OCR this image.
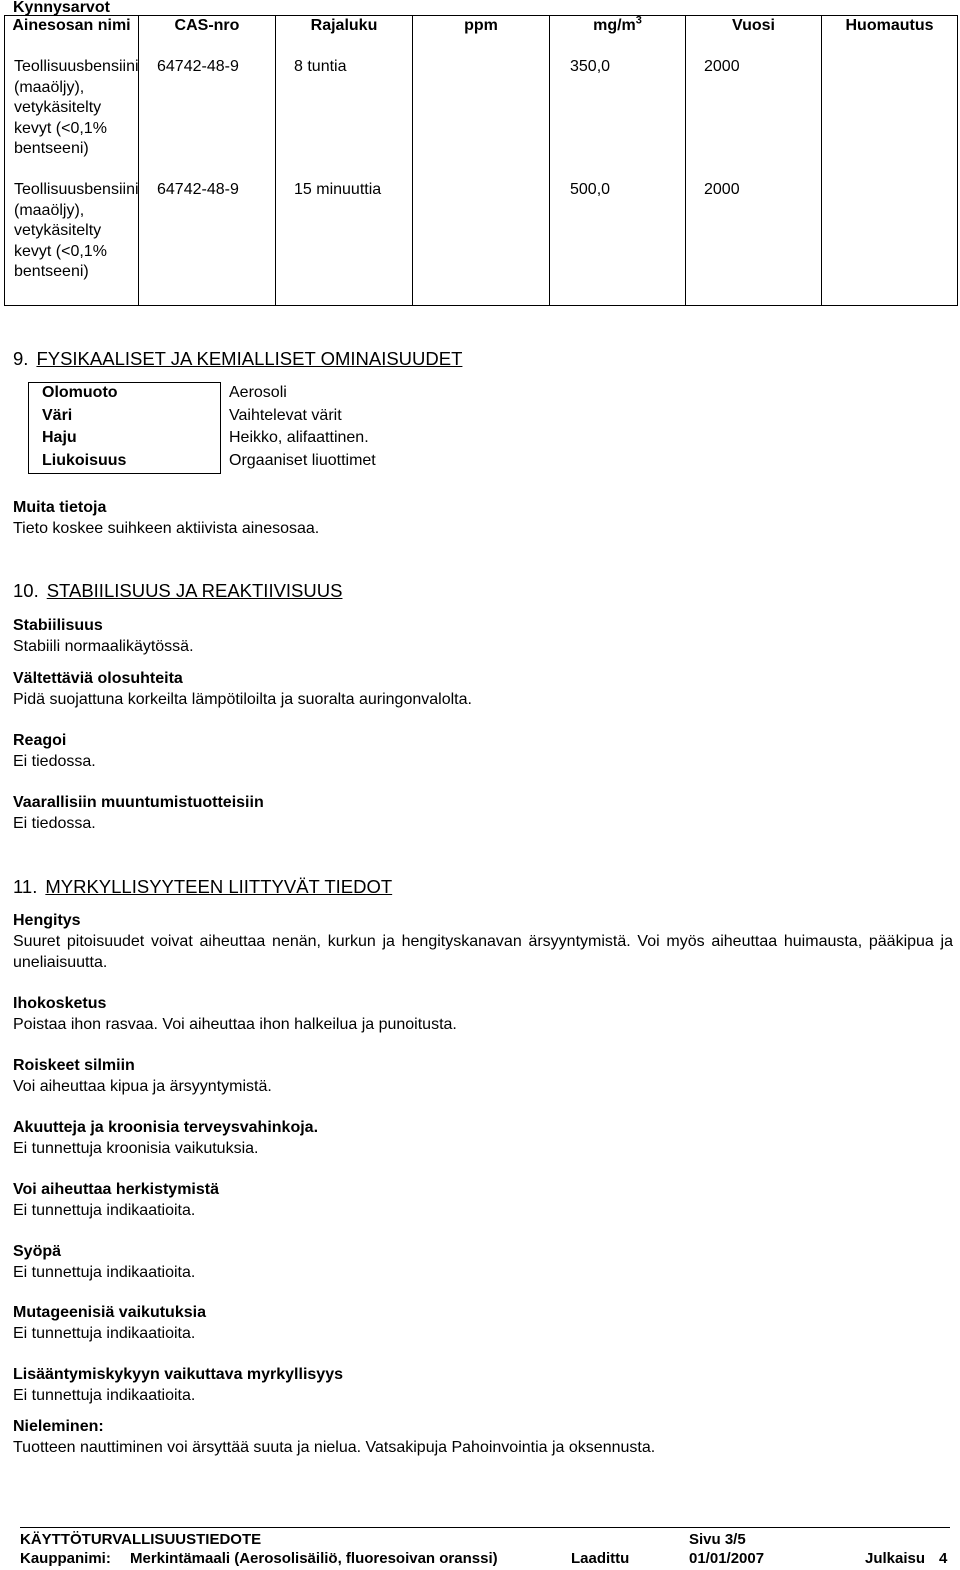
Kynnysarvot
Ainesosan nimi	CAS-nro	Rajaluku	ppm	$mg/m^3$	Vuosi	Huomautus
Teollisuusbensiini (maaöljy), vetykäsitelty kevyt (<0,1% bentseeni)	64742-48-9	8 tuntia		350,0	2000	
Teollisuusbensiini (maaöljy), vetykäsitelty kevyt (<0,1% bentseeni)	64742-48-9	15 minuuttia		500,0	2000	
9. FYSIKAALISET JA KEMIALLISET OMINAISUUDET
Olomuoto	Aerosoli
Väri	Vaihtelevat värit
Haju	Heikko, alifaattinen.
Liukoisuus	Orgaaniset liuottimet
Muita tietoja
Tieto koskee suihkeen aktiivista ainesosaa.
10. STABIILISUUS JA REAKTIIVISUUS
Stabiilisuus
Stabiili normaalikäytössä.
Vältettäviä olosuhteita
Pidä suojattuna korkeilta lämpötiloilta ja suoralta auringonvalolta.
Reagoi
Ei tiedossa.
Vaarallisiin muuntumistuotteisiin
Ei tiedossa.
11. MYRKYLLISYYTEEN LIITTYVÄT TIEDOT
Hengitys
Suuret pitoisuudet voivat aiheuttaa nenän, kurkun ja hengityskanavan ärsyyntymistä. Voi myös aiheuttaa huimausta, pääkipua ja uneliaisuutta.
Ihokosketus
Poistaa ihon rasvaa. Voi aiheuttaa ihon halkeilua ja punoitusta.
Roiskeet silmiin
Voi aiheuttaa kipua ja ärsyyntymistä.
Akuutteja ja kroonisia terveysvahinkoja.
Ei tunnettuja kroonisia vaikutuksia.
Voi aiheuttaa herkistymistä
Ei tunnettuja indikaatioita.
Syöpä
Ei tunnettuja indikaatioita.
Mutageenisiä vaikutuksia
Ei tunnettuja indikaatioita.
Lisääntymiskykyyn vaikuttava myrkyllisyys
Ei tunnettuja indikaatioita.
Nieleminen:
Tuotteen nauttiminen voi ärsyttää suuta ja nielua. Vatsakipuja Pahoinvointia ja oksennusta.
KÄYTTÖTURVALLISUUSTIEDOTE	Sivu 3/5
Kauppanimi: Merkintämaali (Aerosolisäiliö, fluoresoivan oranssi)	Laadittu	01/01/2007	Julkaisu 4
